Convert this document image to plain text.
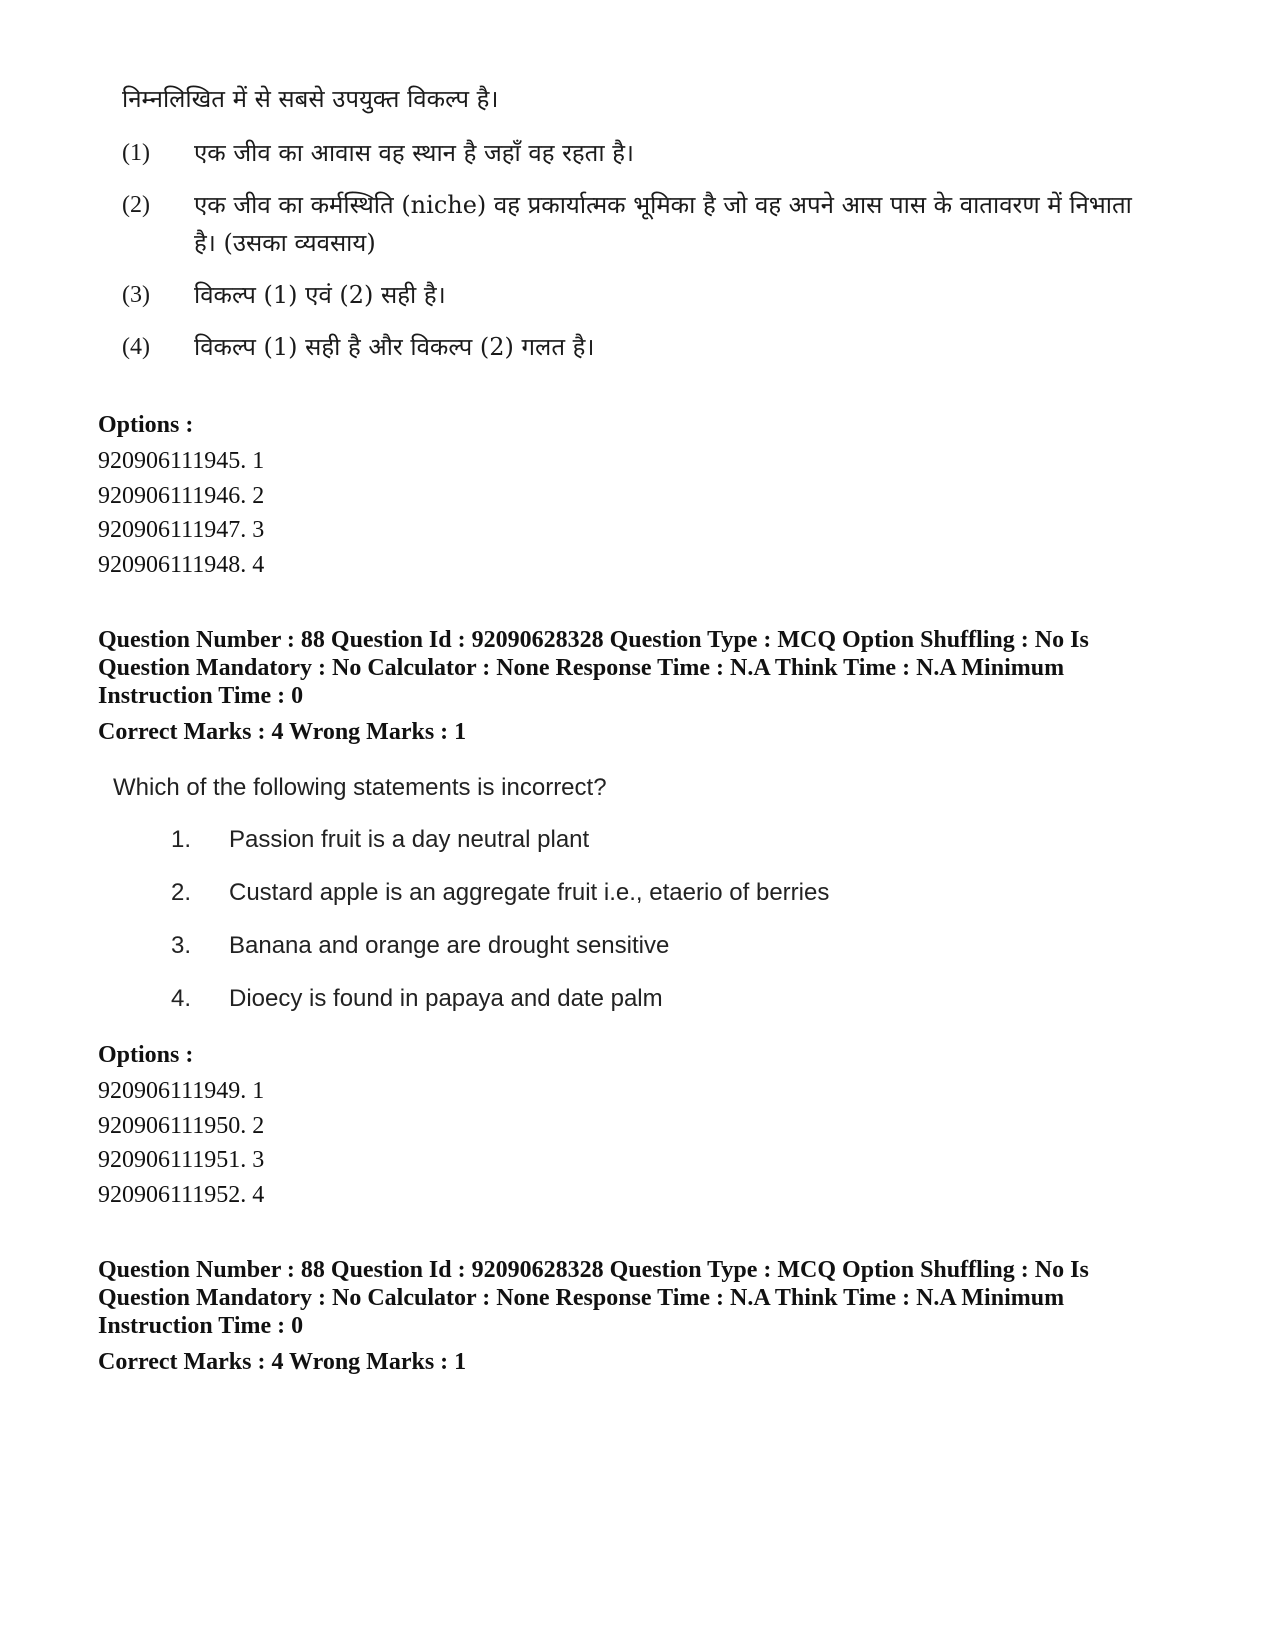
निम्नलिखित में से सबसे उपयुक्त विकल्प है।
(1)	एक जीव का आवास वह स्थान है जहाँ वह रहता है।
(2)	एक जीव का कर्मस्थिति (niche) वह प्रकार्यात्मक भूमिका है जो वह अपने आस पास के वातावरण में निभाता है। (उसका व्यवसाय)
(3)	विकल्प (1) एवं (2) सही है।
(4)	विकल्प (1) सही है और विकल्प (2) गलत है।
Options :
920906111945. 1
920906111946. 2
920906111947. 3
920906111948. 4
Question Number : 88 Question Id : 92090628328 Question Type : MCQ Option Shuffling : No Is
Question Mandatory : No Calculator : None Response Time : N.A Think Time : N.A Minimum
Instruction Time : 0
Correct Marks : 4 Wrong Marks : 1
Which of the following statements is incorrect?
1.	Passion fruit is a day neutral plant
2.	Custard apple is an aggregate fruit i.e., etaerio of berries
3.	Banana and orange are drought sensitive
4.	Dioecy is found in papaya and date palm
Options :
920906111949. 1
920906111950. 2
920906111951. 3
920906111952. 4
Question Number : 88 Question Id : 92090628328 Question Type : MCQ Option Shuffling : No Is
Question Mandatory : No Calculator : None Response Time : N.A Think Time : N.A Minimum
Instruction Time : 0
Correct Marks : 4 Wrong Marks : 1
